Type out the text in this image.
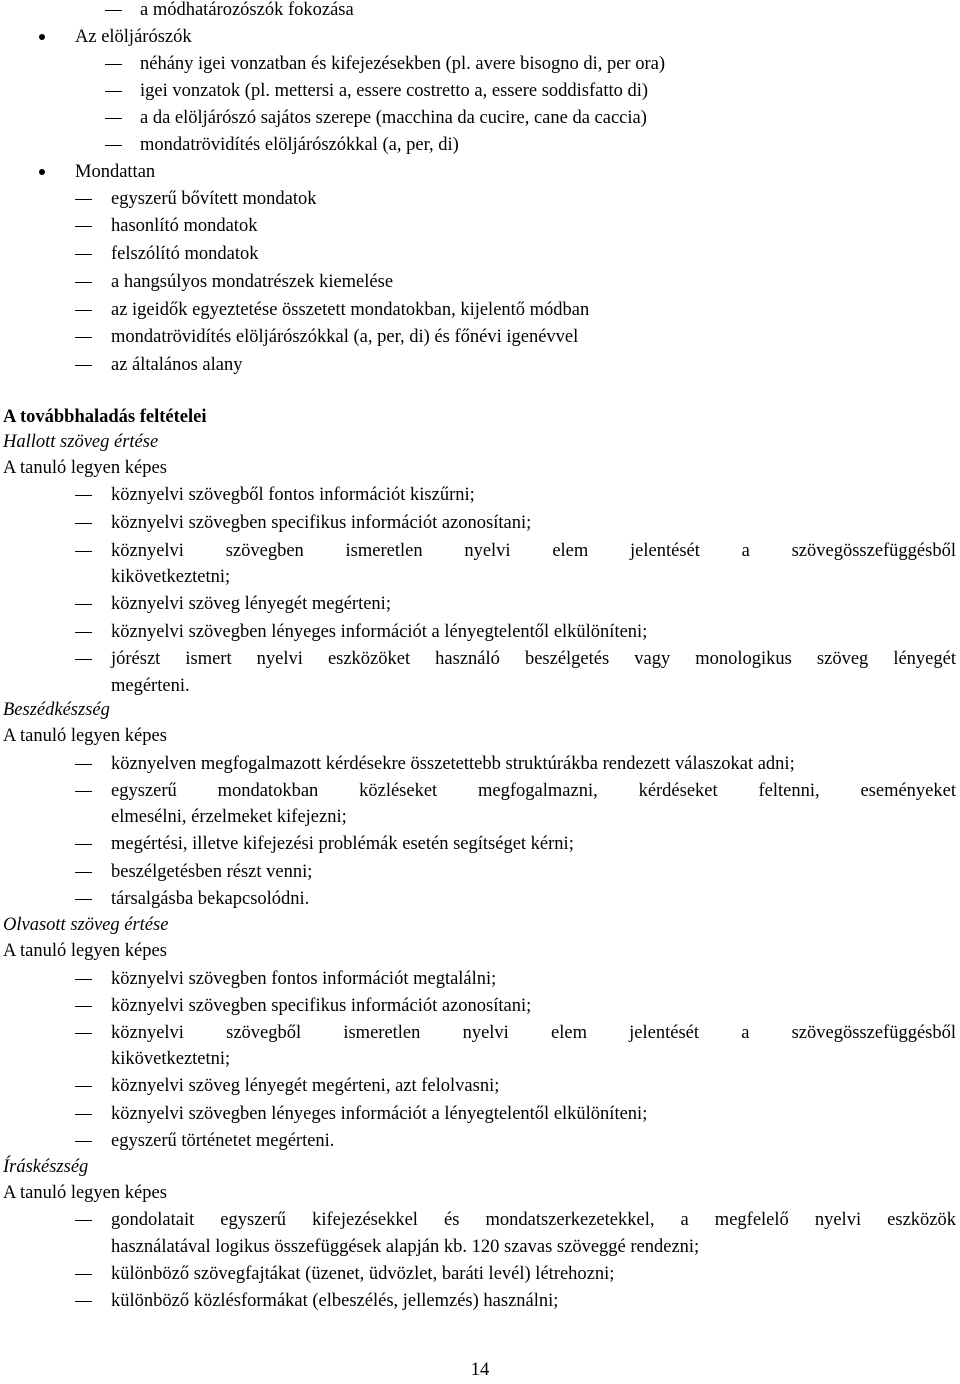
a módhatározószók fokozása
Az elöljárószók
néhány igei vonzatban és kifejezésekben (pl. avere bisogno di, per ora)
igei vonzatok (pl. mettersi a, essere costretto a, essere soddisfatto di)
a da elöljárószó sajátos szerepe (macchina da cucire, cane da caccia)
mondatrövidítés elöljárószókkal (a, per, di)
Mondattan
egyszerű bővített mondatok
hasonlító mondatok
felszólító mondatok
a hangsúlyos mondatrészek kiemelése
az igeidők egyeztetése összetett mondatokban, kijelentő módban
mondatrövidítés elöljárószókkal (a, per, di) és főnévi igenévvel
az általános alany
A továbbhaladás feltételei
Hallott szöveg értése
A tanuló legyen képes
köznyelvi szövegből fontos információt kiszűrni;
köznyelvi szövegben specifikus információt azonosítani;
köznyelvi szövegben ismeretlen nyelvi elem jelentését a szövegösszefüggésből
kikövetkeztetni;
köznyelvi szöveg lényegét megérteni;
köznyelvi szövegben lényeges információt a lényegtelentől elkülöníteni;
jórészt ismert nyelvi eszközöket használó beszélgetés vagy monologikus szöveg lényegét
megérteni.
Beszédkészség
A tanuló legyen képes
köznyelven megfogalmazott kérdésekre összetettebb struktúrákba rendezett válaszokat adni;
egyszerű mondatokban közléseket megfogalmazni, kérdéseket feltenni, eseményeket
elmesélni, érzelmeket kifejezni;
megértési, illetve kifejezési problémák esetén segítséget kérni;
beszélgetésben részt venni;
társalgásba bekapcsolódni.
Olvasott szöveg értése
A tanuló legyen képes
köznyelvi szövegben fontos információt megtalálni;
köznyelvi szövegben specifikus információt azonosítani;
köznyelvi szövegből ismeretlen nyelvi elem jelentését a szövegösszefüggésből
kikövetkeztetni;
köznyelvi szöveg lényegét megérteni, azt felolvasni;
köznyelvi szövegben lényeges információt a lényegtelentől elkülöníteni;
egyszerű történetet megérteni.
Íráskészség
A tanuló legyen képes
gondolatait egyszerű kifejezésekkel és mondatszerkezetekkel, a megfelelő nyelvi eszközök
használatával logikus összefüggések alapján kb. 120 szavas szöveggé rendezni;
különböző szövegfajtákat (üzenet, üdvözlet, baráti levél) létrehozni;
különböző közlésformákat (elbeszélés, jellemzés) használni;
14
